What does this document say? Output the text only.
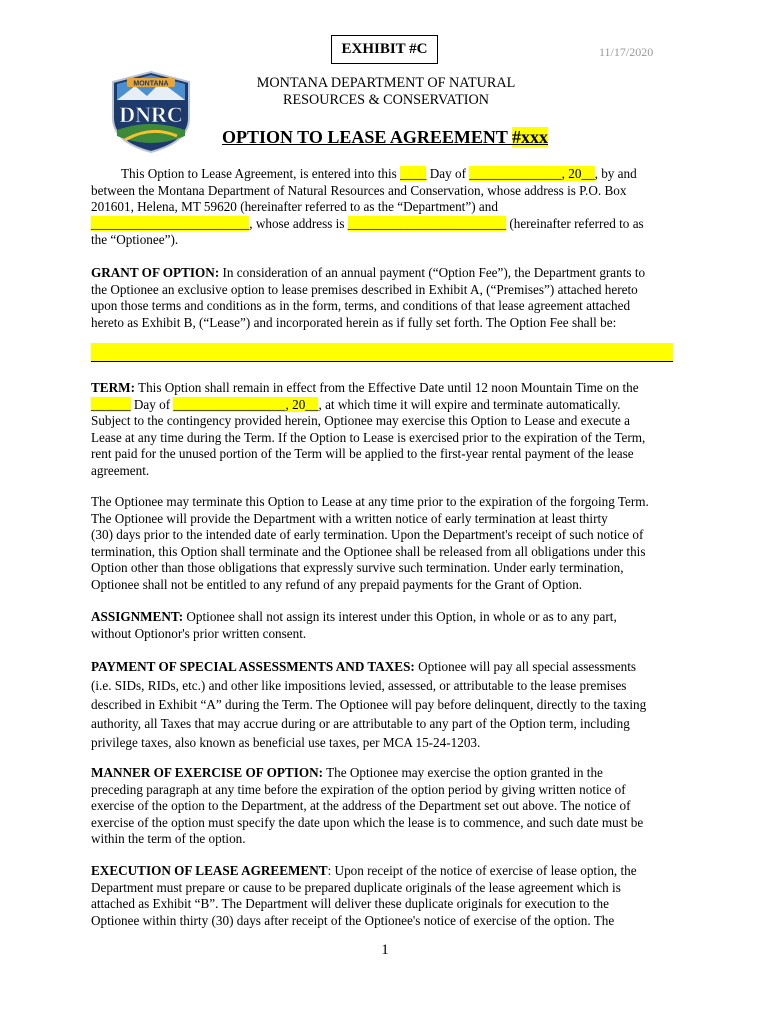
EXHIBIT #C	11/17/2020
MONTANA
DNRC
MONTANA DEPARTMENT OF NATURAL
RESOURCES & CONSERVATION
OPTION TO LEASE AGREEMENT #xxx
This Option to Lease Agreement, is entered into this ____ Day of ______________, 20__, by and
between the Montana Department of Natural Resources and Conservation, whose address is P.O. Box
201601, Helena, MT 59620 (hereinafter referred to as the “Department”) and
________________________, whose address is ________________________ (hereinafter referred to as
the “Optionee”).
GRANT OF OPTION: In consideration of an annual payment (“Option Fee”), the Department grants to
the Optionee an exclusive option to lease premises described in Exhibit A, (“Premises”) attached hereto
upon those terms and conditions as in the form, terms, and conditions of that lease agreement attached
hereto as Exhibit B, (“Lease”) and incorporated herein as if fully set forth. The Option Fee shall be:
TERM: This Option shall remain in effect from the Effective Date until 12 noon Mountain Time on the
______ Day of _________________, 20__, at which time it will expire and terminate automatically.
Subject to the contingency provided herein, Optionee may exercise this Option to Lease and execute a
Lease at any time during the Term. If the Option to Lease is exercised prior to the expiration of the Term,
rent paid for the unused portion of the Term will be applied to the first-year rental payment of the lease
agreement.
The Optionee may terminate this Option to Lease at any time prior to the expiration of the forgoing Term.
The Optionee will provide the Department with a written notice of early termination at least thirty
(30) days prior to the intended date of early termination. Upon the Department's receipt of such notice of
termination, this Option shall terminate and the Optionee shall be released from all obligations under this
Option other than those obligations that expressly survive such termination. Under early termination,
Optionee shall not be entitled to any refund of any prepaid payments for the Grant of Option.
ASSIGNMENT: Optionee shall not assign its interest under this Option, in whole or as to any part,
without Optionor's prior written consent.
PAYMENT OF SPECIAL ASSESSMENTS AND TAXES: Optionee will pay all special assessments
(i.e. SIDs, RIDs, etc.) and other like impositions levied, assessed, or attributable to the lease premises
described in Exhibit “A” during the Term. The Optionee will pay before delinquent, directly to the taxing
authority, all Taxes that may accrue during or are attributable to any part of the Option term, including
privilege taxes, also known as beneficial use taxes, per MCA 15-24-1203.
MANNER OF EXERCISE OF OPTION: The Optionee may exercise the option granted in the
preceding paragraph at any time before the expiration of the option period by giving written notice of
exercise of the option to the Department, at the address of the Department set out above. The notice of
exercise of the option must specify the date upon which the lease is to commence, and such date must be
within the term of the option.
EXECUTION OF LEASE AGREEMENT: Upon receipt of the notice of exercise of lease option, the
Department must prepare or cause to be prepared duplicate originals of the lease agreement which is
attached as Exhibit “B”. The Department will deliver these duplicate originals for execution to the
Optionee within thirty (30) days after receipt of the Optionee's notice of exercise of the option. The
1
